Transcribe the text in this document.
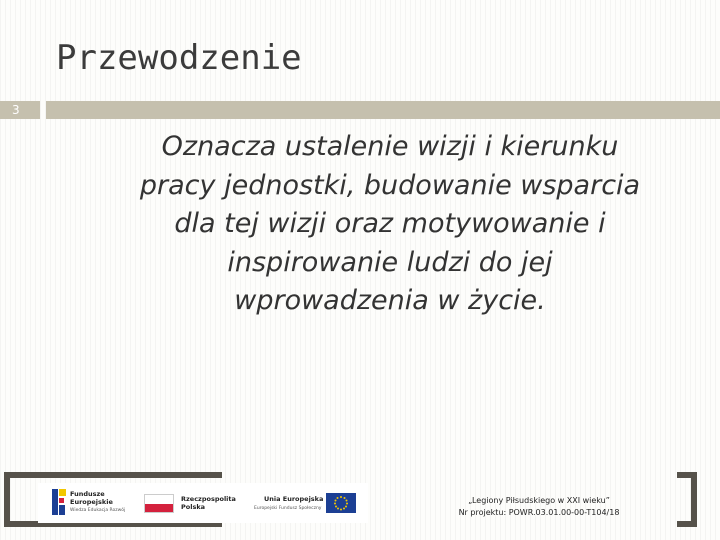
Przewodzenie
3
Oznacza ustalenie wizji i kierunku
pracy jednostki, budowanie wsparcia
dla tej wizji oraz motywowanie i
inspirowanie ludzi do jej
wprowadzenia w życie.
Fundusze
Europejskie
Wiedza Edukacja Rozwój
Rzeczpospolita
Polska
Unia Europejska
Europejski Fundusz Społeczny
„Legiony Piłsudskiego w XXI wieku”
Nr projektu: POWR.03.01.00-00-T104/18
